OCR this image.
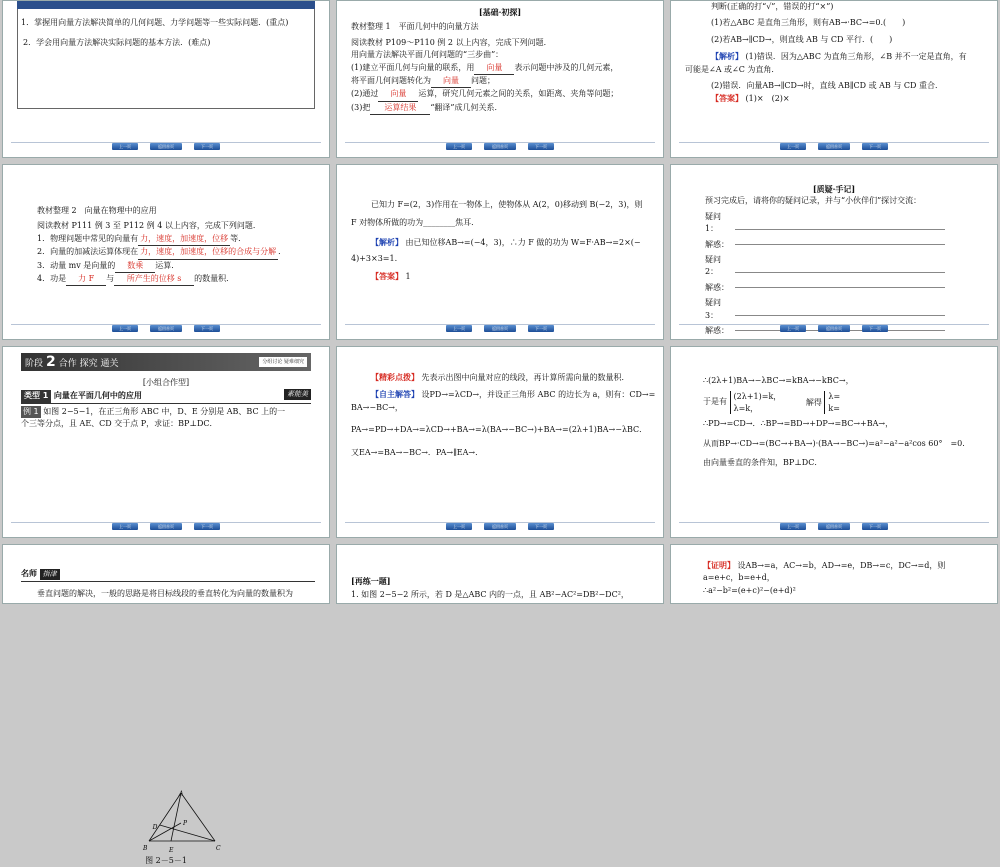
1．掌握用向量方法解决简单的几何问题、力学问题等一些实际问题．(重点)
2．学会用向量方法解决实际问题的基本方法．(难点)
上一页	返回首页	下一页
[基础·初探]
教材整理 1　平面几何中的向量方法
阅读教材 P109～P110 例 2 以上内容，完成下列问题．
用向量方法解决平面几何问题的“三步曲”：
(1)建立平面几何与向量的联系，用 向量 表示问题中涉及的几何元素，
将平面几何问题转化为 向量 问题；
(2)通过 向量 运算，研究几何元素之间的关系，如距离、夹角等问题；
(3)把 运算结果 “翻译”成几何关系．
上一页	返回首页	下一页
判断(正确的打“√”，错误的打“×”)
(1)若△ABC 是直角三角形，则有AB→·BC→=0.(　　)
(2)若AB→∥CD→，则直线 AB 与 CD 平行．(　　)
【解析】 (1)错误．因为△ABC 为直角三角形，∠B 并不一定是直角，有
可能是∠A 或∠C 为直角．
(2)错误．向量AB→∥CD→时，直线 AB∥CD 或 AB 与 CD 重合．
【答案】 (1)×　(2)×
上一页	返回首页	下一页
教材整理 2　向量在物理中的应用
阅读教材 P111 例 3 至 P112 例 4 以上内容，完成下列问题．
1．物理问题中常见的向量有 力，速度，加速度，位移 等．
2．向量的加减法运算体现在 力，速度，加速度，位移的合成与分解 ．
3．动量 mv 是向量的 数乘 运算．
4．功是 力 F 与 所产生的位移 s 的数量积．
上一页	返回首页	下一页
已知力 F=(2，3)作用在一物体上，使物体从 A(2，0)移动到 B(−2，3)，则
F 对物体所做的功为________焦耳．
【解析】 由已知位移AB→=(−4，3)，∴力 F 做的功为 W=F·AB→=2×(−
4)+3×3=1.
【答案】 1
上一页	返回首页	下一页
[质疑·手记]
预习完成后，请将你的疑问记录，并与“小伙伴们”探讨交流：
疑问 1：
解惑：
疑问 2：
解惑：
疑问 3：
解惑：	上一页	返回首页	下一页
阶段 2 合作 探究 通关	分组讨论 疑难细究
[小组合作型]
类型 1 向量在平面几何中的应用	素能美
例 1 如图 2−5−1，在正三角形 ABC 中，D、E 分别是 AB、BC 上的一
个三等分点，且 AE、CD 交于点 P，求证：BP⊥DC．
A
B	C
D
E
P
图 2－5－1
上一页	返回首页	下一页
【精彩点拨】 先表示出图中向量对应的线段，再计算所需向量的数量积．
【自主解答】 设PD→=λCD→，并设正三角形 ABC 的边长为 a，则有：CD→=
BA→−BC→，
PA→=PD→+DA→=λCD→+BA→=λ(BA→−BC→)+BA→=(2λ+1)BA→−λBC．
又EA→=BA→−BC→．PA→∥EA→．
上一页	返回首页	下一页
∴(2λ+1)BA→−λBC→=kBA→−kBC→，
于是有
(2λ+1)=k，
λ=k，
解得
λ=
k=
∴PD→=CD→．∴BP→=BD→+DP→=BC→+BA→，
从而BP→·CD→=(BC→+BA→)·(BA→−BC→)=a²−a²−a²cos 60°　=0.
由向量垂直的条件知，BP⊥DC．
上一页	返回首页	下一页
名师 指津
垂直问题的解决，一般的思路是将目标线段的垂直转化为向量的数量积为
[再练一题]
1. 如图 2−5−2 所示，若 D 是△ABC 内的一点，且 AB²−AC²=DB²−DC²，
【证明】 设AB→=a，AC→=b，AD→=e，DB→=c，DC→=d，则
a=e+c，b=e+d，
∴a²−b²=(e+c)²−(e+d)²
